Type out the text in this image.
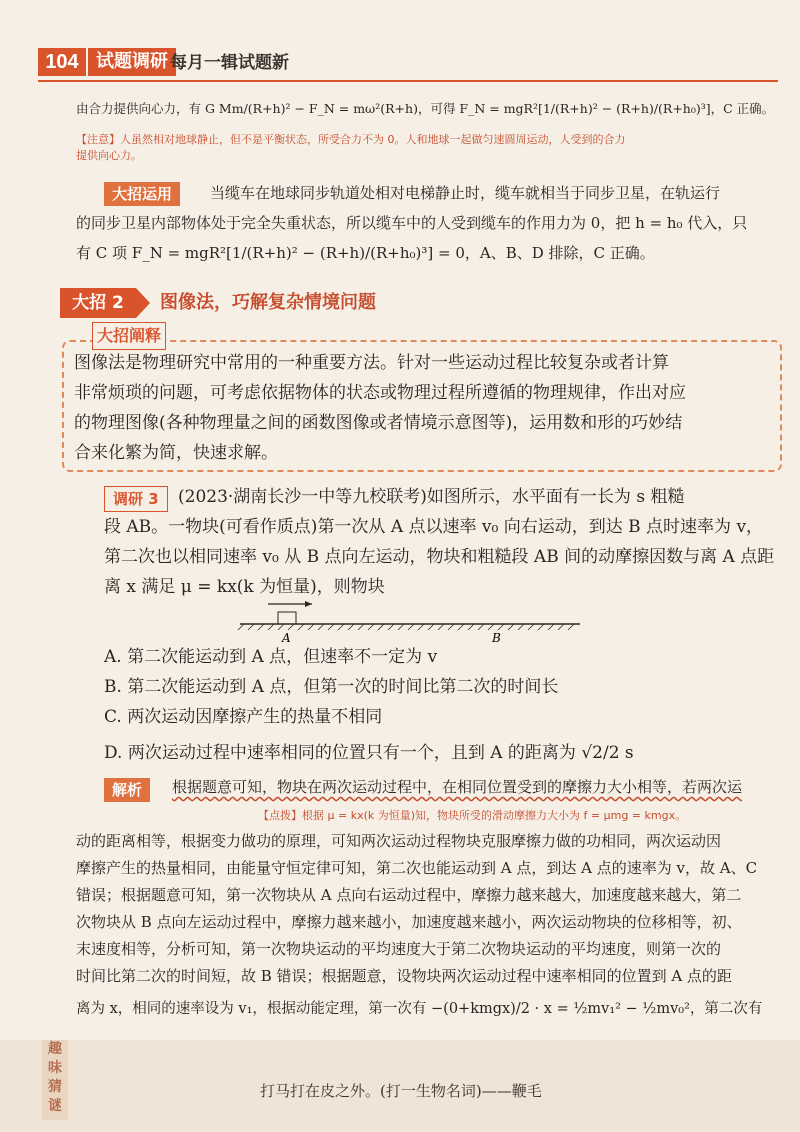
104 试题调研 每月一辑试题新
由合力提供向心力，有 G Mm/(R+h)² − F_N = mω²(R+h)，可得 F_N = mgR²[1/(R+h)² − (R+h)/(R+h₀)³]，C 正确。
【注意】人虽然相对地球静止，但不是平衡状态，所受合力不为 0。人和地球一起做匀速圆周运动，人受到的合力
提供向心力。
大招运用	当缆车在地球同步轨道处相对电梯静止时，缆车就相当于同步卫星，在轨运行
的同步卫星内部物体处于完全失重状态，所以缆车中的人受到缆车的作用力为 0，把 h = h₀ 代入，只
有 C 项 F_N = mgR²[1/(R+h)² − (R+h)/(R+h₀)³] = 0，A、B、D 排除，C 正确。
大招 2	图像法，巧解复杂情境问题
大招阐释
图像法是物理研究中常用的一种重要方法。针对一些运动过程比较复杂或者计算
非常烦琐的问题，可考虑依据物体的状态或物理过程所遵循的物理规律，作出对应
的物理图像(各种物理量之间的函数图像或者情境示意图等)，运用数和形的巧妙结
合来化繁为简，快速求解。
调研 3	(2023·湖南长沙一中等九校联考)如图所示，水平面有一长为 s 粗糙
段 AB。一物块(可看作质点)第一次从 A 点以速率 v₀ 向右运动，到达 B 点时速率为 v，
第二次也以相同速率 v₀ 从 B 点向左运动，物块和粗糙段 AB 间的动摩擦因数与离 A 点距
离 x 满足 μ = kx(k 为恒量)，则物块
A	B
A. 第二次能运动到 A 点，但速率不一定为 v
B. 第二次能运动到 A 点，但第一次的时间比第二次的时间长
C. 两次运动因摩擦产生的热量不相同
D. 两次运动过程中速率相同的位置只有一个，且到 A 的距离为 √2/2 s
解析	根据题意可知，物块在两次运动过程中，在相同位置受到的摩擦力大小相等，若两次运
【点拨】根据 μ = kx(k 为恒量)知，物块所受的滑动摩擦力大小为 f = μmg = kmgx。
动的距离相等，根据变力做功的原理，可知两次运动过程物块克服摩擦力做的功相同，两次运动因
摩擦产生的热量相同，由能量守恒定律可知，第二次也能运动到 A 点，到达 A 点的速率为 v，故 A、C
错误；根据题意可知，第一次物块从 A 点向右运动过程中，摩擦力越来越大，加速度越来越大，第二
次物块从 B 点向左运动过程中，摩擦力越来越小，加速度越来越小，两次运动物块的位移相等，初、
末速度相等，分析可知，第一次物块运动的平均速度大于第二次物块运动的平均速度，则第一次的
时间比第二次的时间短，故 B 错误；根据题意，设物块两次运动过程中速率相同的位置到 A 点的距
离为 x，相同的速率设为 v₁，根据动能定理，第一次有 −(0+kmgx)/2 · x = ½mv₁² − ½mv₀²，第二次有
趣味猜谜
打马打在皮之外。(打一生物名词)——鞭毛
